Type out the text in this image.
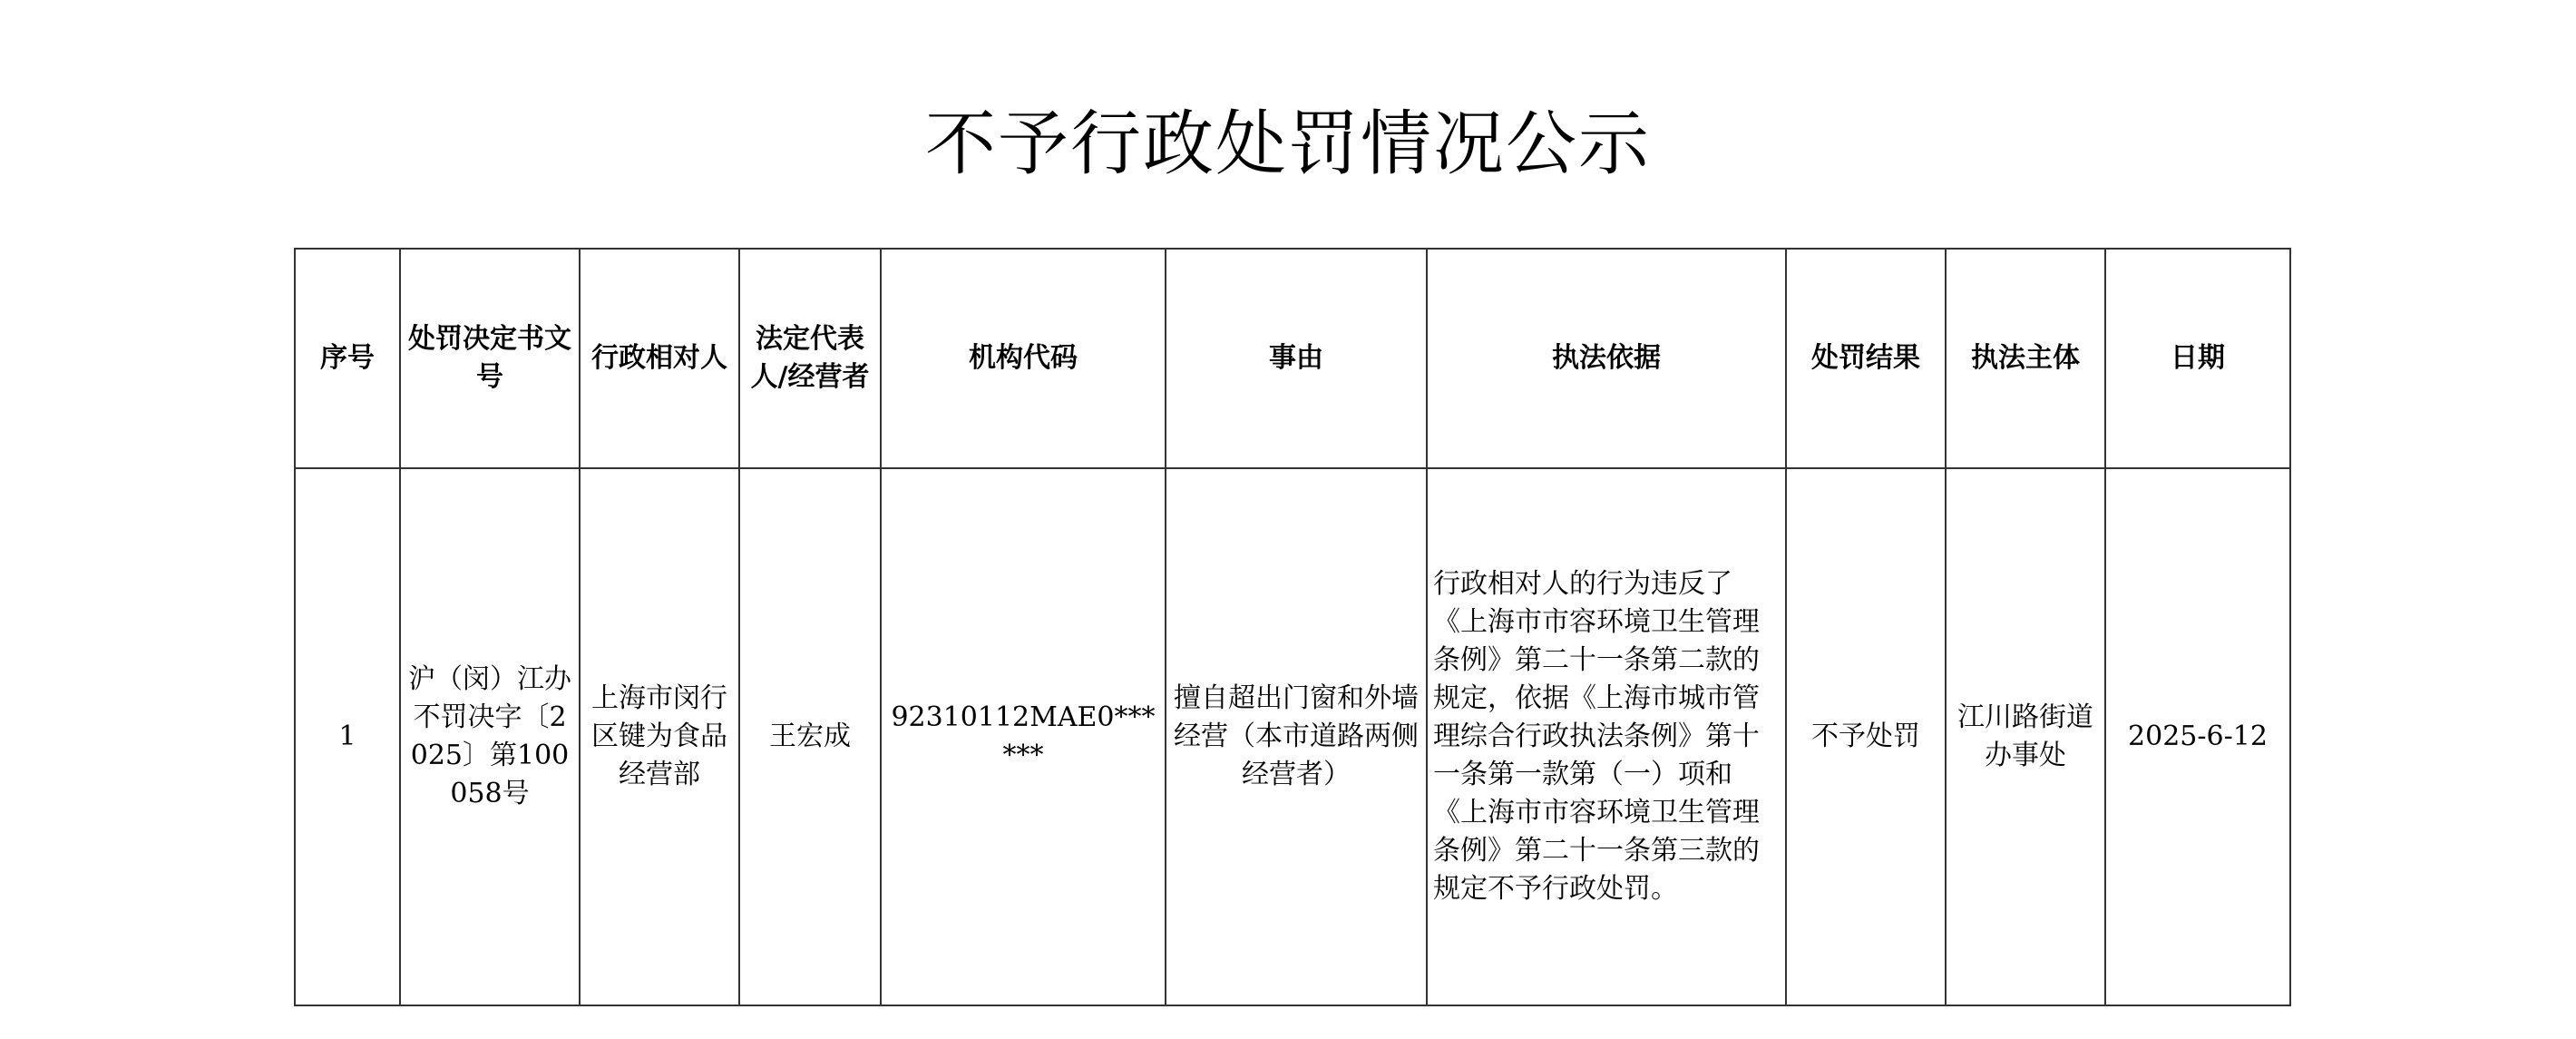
不予行政处罚情况公示
序号	处罚决定书文号	行政相对人	法定代表人/经营者	机构代码	事由	执法依据	处罚结果	执法主体	日期
1	沪（闵）江办不罚决字〔2025〕第100058号	上海市闵行区键为食品经营部	王宏成	92310112MAE0******	擅自超出门窗和外墙经营（本市道路两侧经营者）	行政相对人的行为违反了《上海市市容环境卫生管理条例》第二十一条第二款的规定，依据《上海市城市管理综合行政执法条例》第十一条第一款第（一）项和《上海市市容环境卫生管理条例》第二十一条第三款的规定不予行政处罚。	不予处罚	江川路街道办事处	2025-6-12
